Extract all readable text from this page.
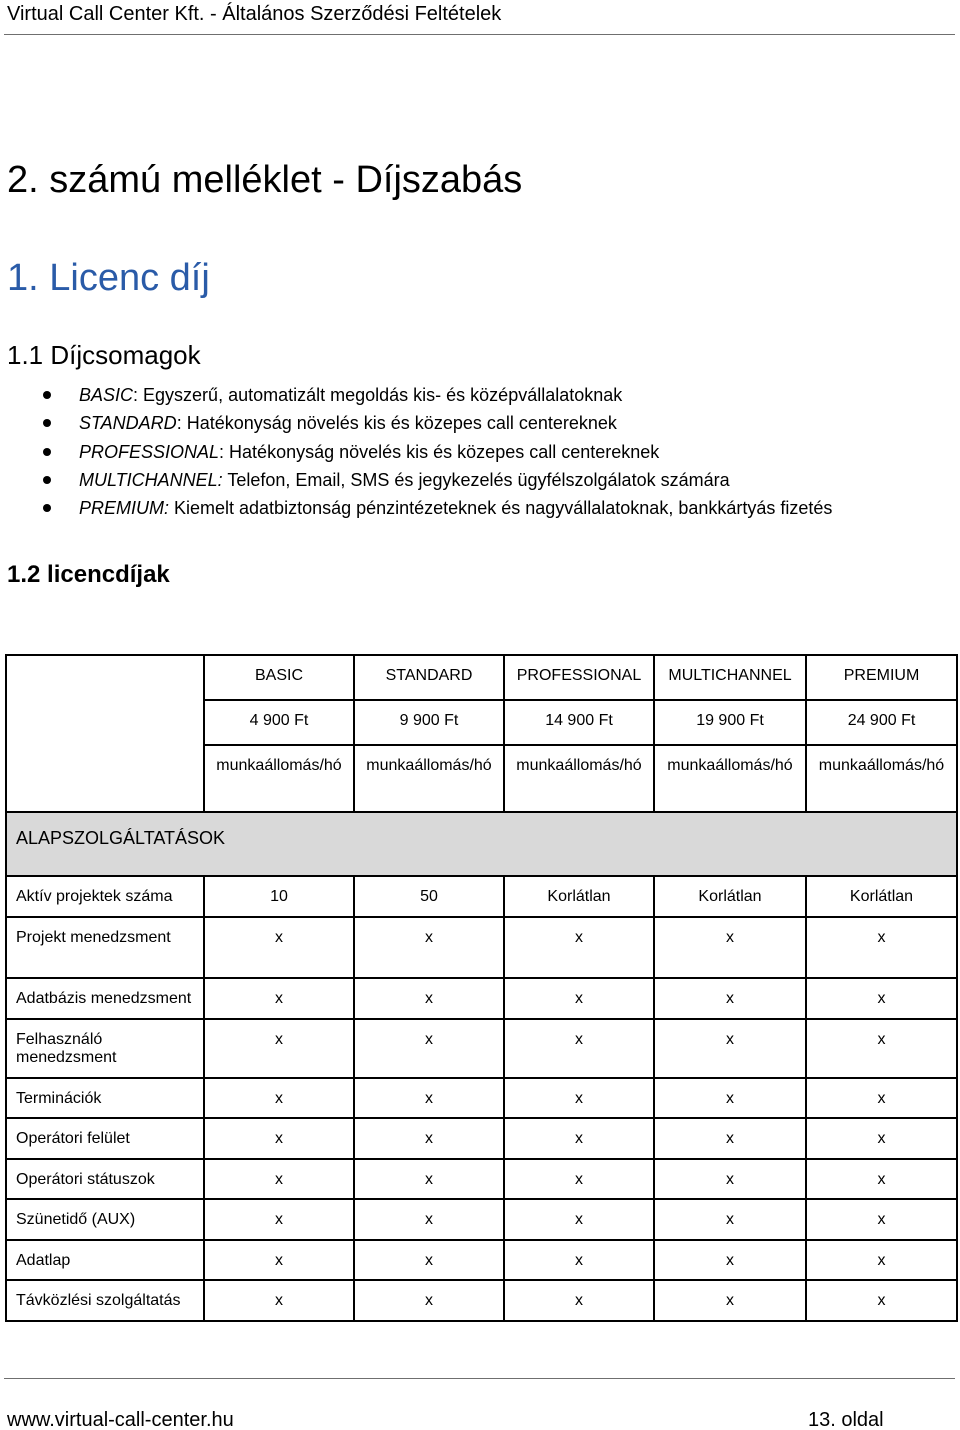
Virtual Call Center Kft. - Általános Szerződési Feltételek
2. számú melléklet - Díjszabás
1. Licenc díj
1.1 Díjcsomagok
BASIC: Egyszerű, automatizált megoldás kis- és középvállalatoknak
STANDARD: Hatékonyság növelés kis és közepes call centereknek
PROFESSIONAL: Hatékonyság növelés kis és közepes call centereknek
MULTICHANNEL: Telefon, Email, SMS és jegykezelés ügyfélszolgálatok számára
PREMIUM: Kiemelt adatbiztonság pénzintézeteknek és nagyvállalatoknak, bankkártyás fizetés
1.2 licencdíjak
	BASIC	STANDARD	PROFESSIONAL	MULTICHANNEL	PREMIUM
	4 900 Ft	9 900 Ft	14 900 Ft	19 900 Ft	24 900 Ft
	munkaállomás/hó	munkaállomás/hó	munkaállomás/hó	munkaállomás/hó	munkaállomás/hó
ALAPSZOLGÁLTATÁSOK					
Aktív projektek száma	10	50	Korlátlan	Korlátlan	Korlátlan
Projekt menedzsment	x	x	x	x	x
Adatbázis menedzsment	x	x	x	x	x
Felhasználó menedzsment	x	x	x	x	x
Terminációk	x	x	x	x	x
Operátori felület	x	x	x	x	x
Operátori státuszok	x	x	x	x	x
Szünetidő (AUX)	x	x	x	x	x
Adatlap	x	x	x	x	x
Távközlési szolgáltatás	x	x	x	x	x
www.virtual-call-center.hu	13. oldal
